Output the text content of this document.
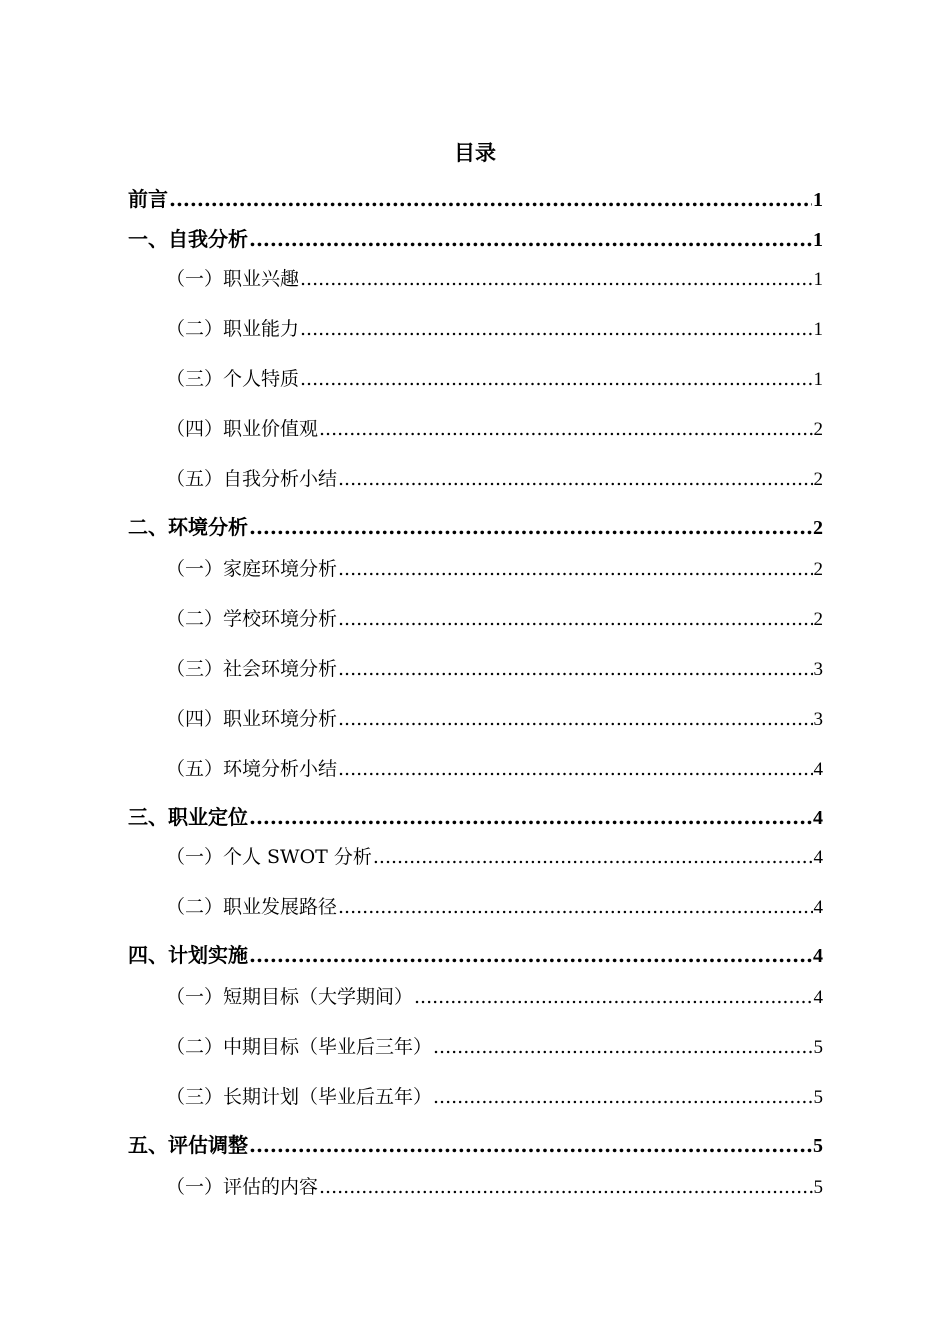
目录
前言 .....	1
一、自我分析 .....	1
（一）职业兴趣 .....	1
（二）职业能力 .....	1
（三）个人特质 .....	1
（四）职业价值观 .....	2
（五）自我分析小结 .....	2
二、环境分析 .....	2
（一）家庭环境分析 .....	2
（二）学校环境分析 .....	2
（三）社会环境分析 .....	3
（四）职业环境分析 .....	3
（五）环境分析小结 .....	4
三、职业定位 .....	4
（一）个人 SWOT 分析 .....	4
（二）职业发展路径 .....	4
四、计划实施 .....	4
（一）短期目标（大学期间） .....	4
（二）中期目标（毕业后三年） .....	5
（三）长期计划（毕业后五年） .....	5
五、评估调整 .....	5
（一）评估的内容 .....	5
